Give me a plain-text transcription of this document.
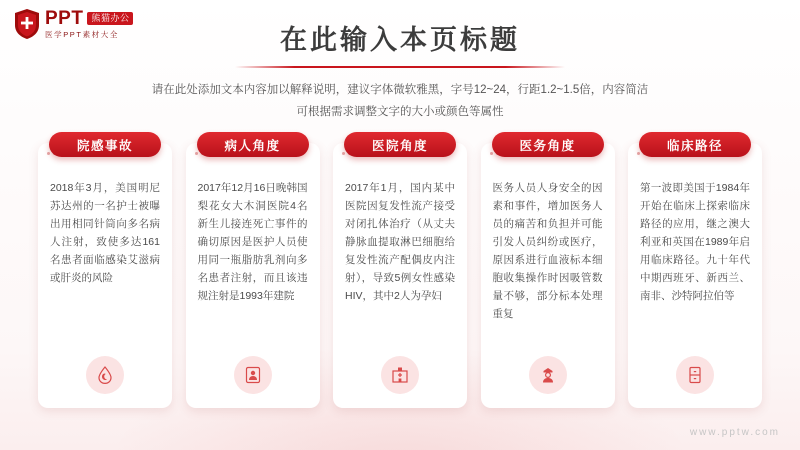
PPT 熊猫办公
医学PPT素材大全	在此输入本页标题
请在此处添加文本内容加以解释说明，建议字体微软雅黑，字号12~24，行距1.2~1.5倍，内容简洁
可根据需求调整文字的大小或颜色等属性
院感事故
2018年3月，美国明尼苏达州的一名护士被曝出用相同针筒向多名病人注射，致使多达161名患者面临感染艾滋病或肝炎的风险
病人角度
2017年12月16日晚韩国梨花女大木洞医院4名新生儿接连死亡事件的确切原因是医护人员使用同一瓶脂肪乳剂向多名患者注射，而且该违规注射是1993年建院
医院角度
2017年1月，国内某中医院因复发性流产接受对闭扎体治疗（从丈夫静脉血提取淋巴细胞给复发性流产配偶皮内注射），导致5例女性感染HIV，其中2人为孕妇
医务角度
医务人员人身安全的因素和事件，增加医务人员的痛苦和负担并可能引发人员纠纷或医疗，原因系进行血液标本细胞收集操作时因吸管数量不够，部分标本处理重复
临床路径
第一波即美国于1984年开始在临床上探索临床路径的应用，继之澳大利亚和英国在1989年启用临床路径。九十年代中期西班牙、新西兰、南非、沙特阿拉伯等
www.pptw.com
